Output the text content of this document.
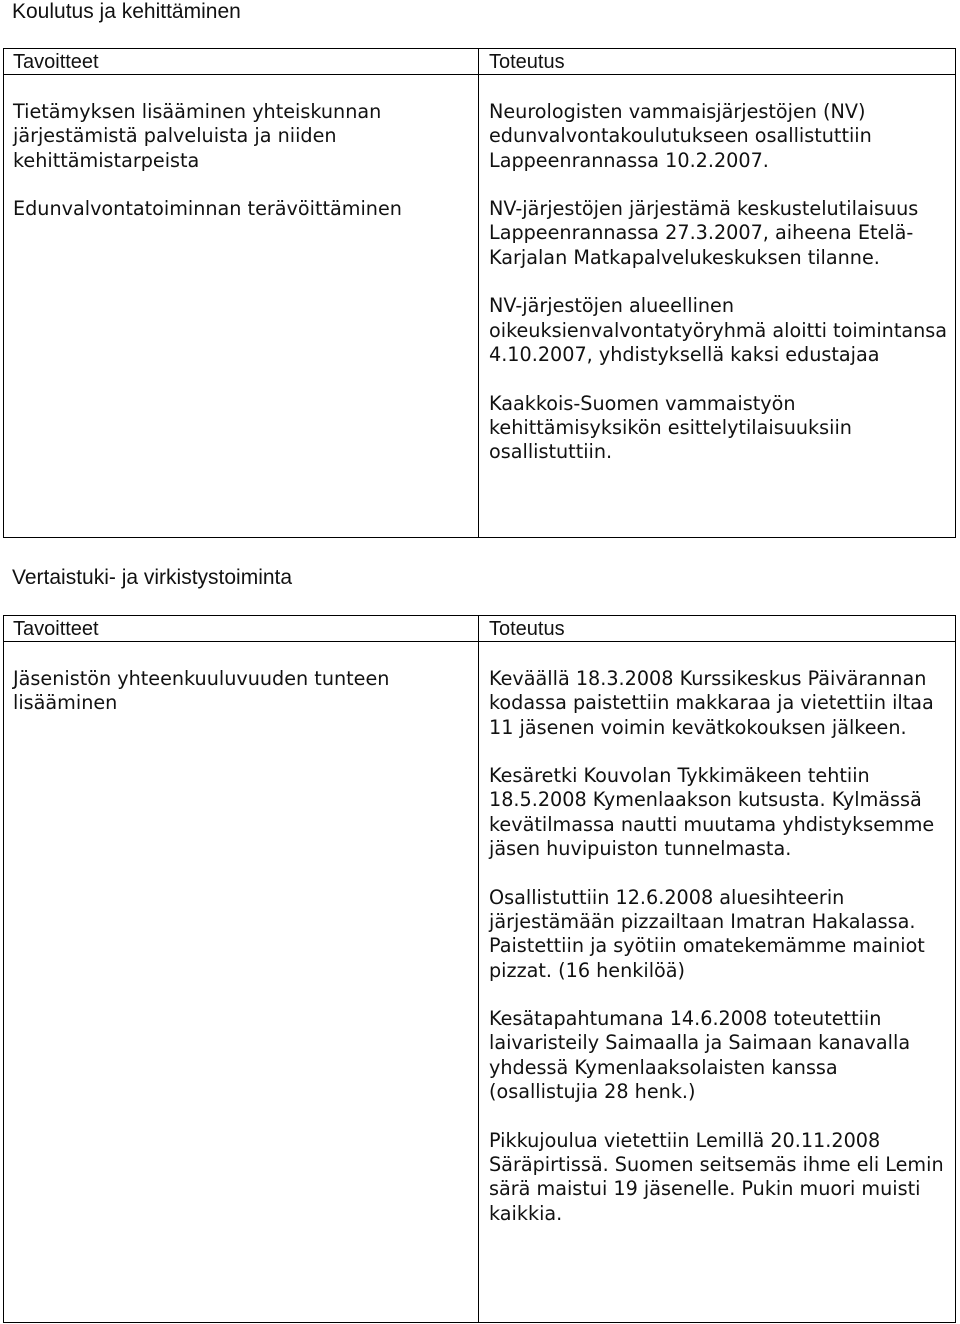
Koulutus ja kehittäminen
Tavoitteet	Toteutus

Tietämyksen lisääminen yhteiskunnan järjestämistä palveluista ja niiden kehittämistarpeista

Edunvalvontatoiminnan terävöittäminen

Neurologisten vammaisjärjestöjen (NV) edunvalvontakoulutukseen osallistuttiin Lappeenrannassa 10.2.2007.

NV-järjestöjen järjestämä keskustelutilaisuus Lappeenrannassa 27.3.2007, aiheena Etelä-Karjalan Matkapalvelukeskuksen tilanne.

NV-järjestöjen alueellinen oikeuksienvalvontatyöryhmä aloitti toimintansa 4.10.2007, yhdistyksellä kaksi edustajaa

Kaakkois-Suomen vammaistyön kehittämisyksikön esittelytilaisuuksiin osallistuttiin.

Vertaistuki- ja virkistystoiminta
Tavoitteet	Toteutus

Jäsenistön yhteenkuuluvuuden tunteen lisääminen

Keväällä 18.3.2008 Kurssikeskus Päivärannan kodassa paistettiin makkaraa ja vietettiin iltaa 11 jäsenen voimin kevätkokouksen jälkeen.

Kesäretki Kouvolan Tykkimäkeen tehtiin 18.5.2008 Kymenlaakson kutsusta. Kylmässä kevätilmassa nautti muutama yhdistyksemme jäsen huvipuiston tunnelmasta.

Osallistuttiin 12.6.2008 aluesihteerin järjestämään pizzailtaan Imatran Hakalassa. Paistettiin ja syötiin omatekemämme mainiot pizzat. (16 henkilöä)

Kesätapahtumana 14.6.2008 toteutettiin laivaristeily Saimaalla ja Saimaan kanavalla yhdessä Kymenlaaksolaisten kanssa (osallistujia 28 henk.)

Pikkujoulua vietettiin Lemillä 20.11.2008 Säräpirtissä. Suomen seitsemäs ihme eli Lemin särä maistui 19 jäsenelle. Pukin muori muisti kaikkia.
